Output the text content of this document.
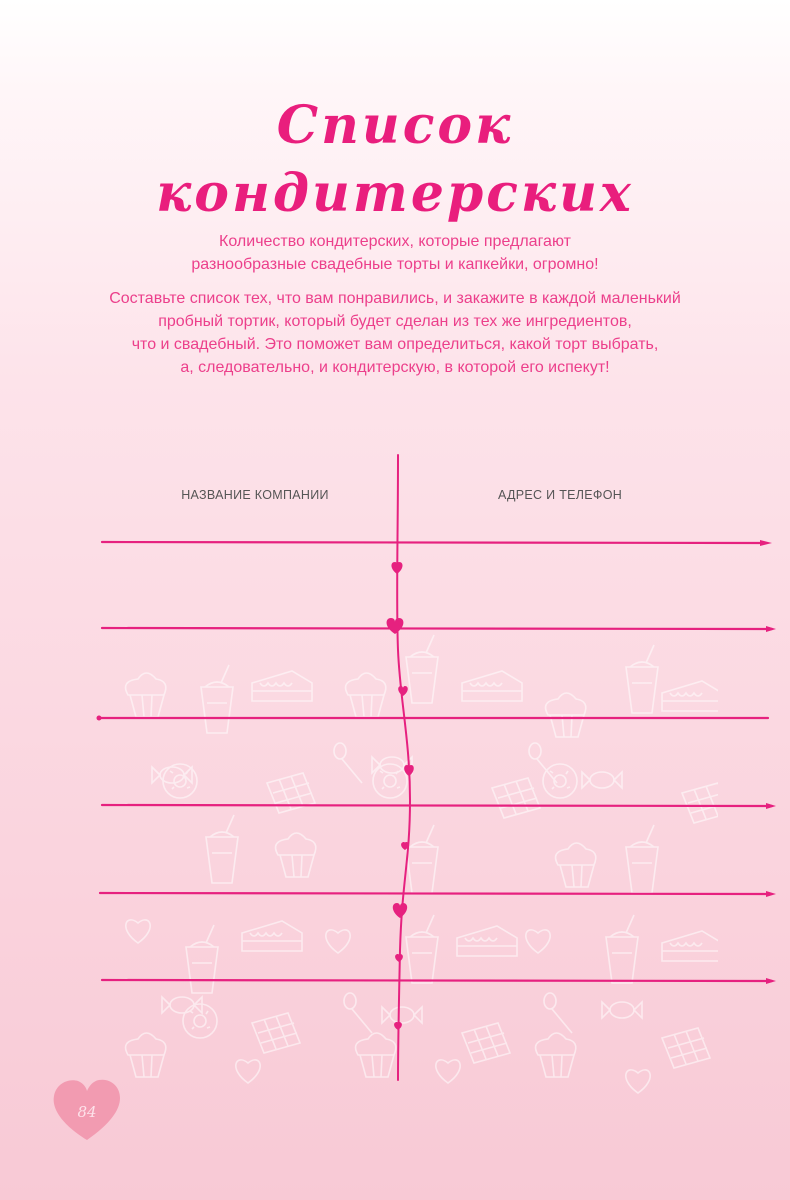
Список
кондитерских
Количество кондитерских, которые предлагают
разнообразные свадебные торты и капкейки, огромно!
Составьте список тех, что вам понравились, и закажите в каждой маленький
пробный тортик, который будет сделан из тех же ингредиентов,
что и свадебный. Это поможет вам определиться, какой торт выбрать,
а, следовательно, и кондитерскую, в которой его испекут!
НАЗВАНИЕ КОМПАНИИ	АДРЕС И ТЕЛЕФОН
84
